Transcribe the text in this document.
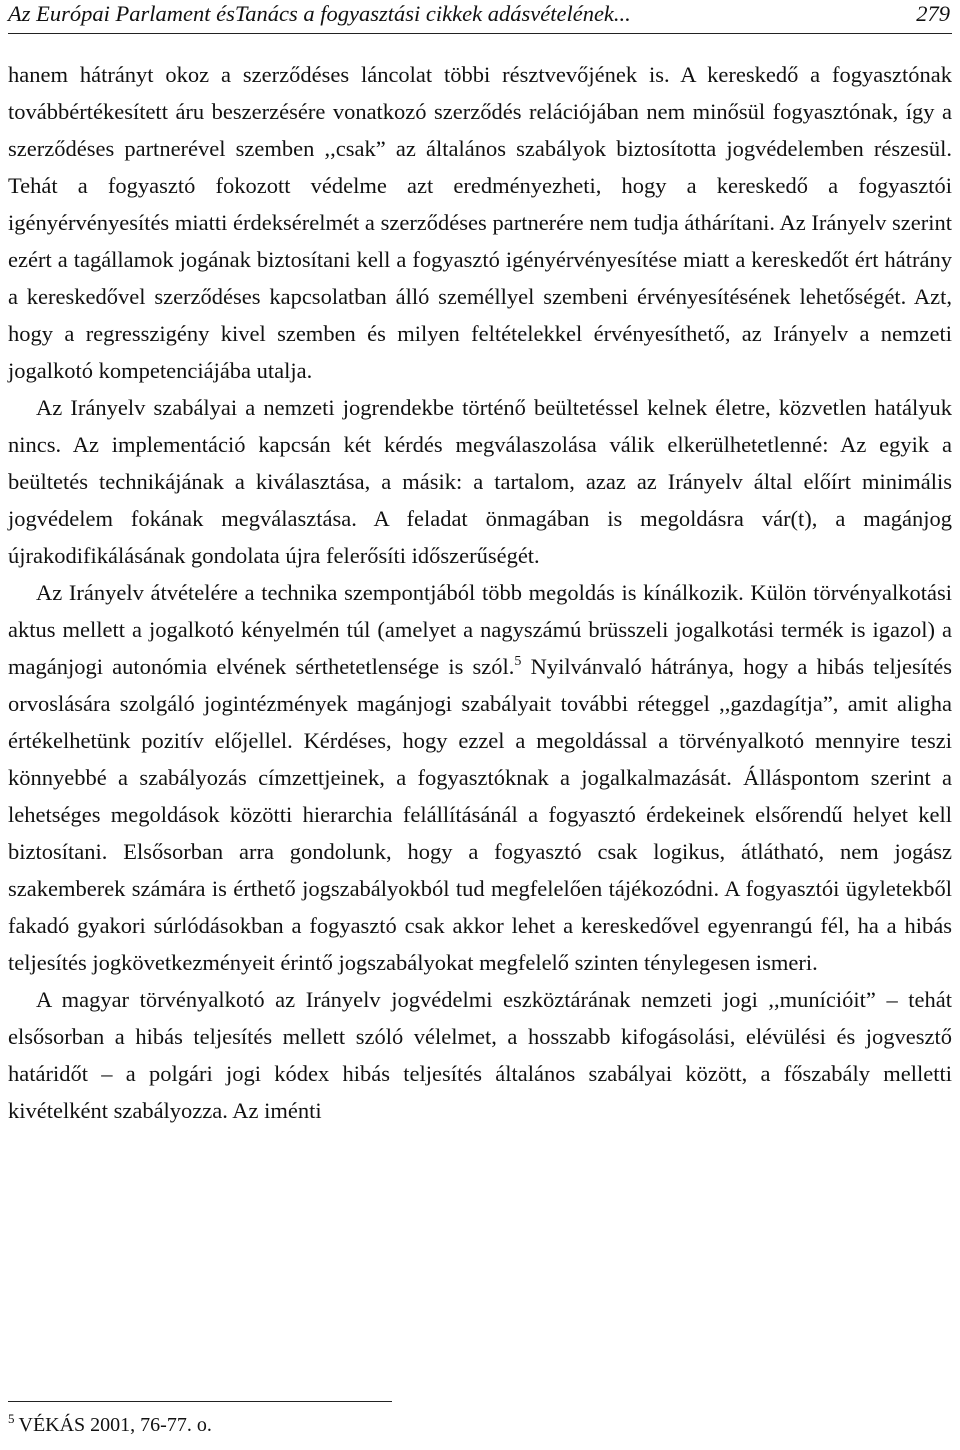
Az Európai Parlament ésTanács a fogyasztási cikkek adásvételének...	279

hanem hátrányt okoz a szerződéses láncolat többi résztvevőjének is. A kereskedő a fogyasztónak továbbértékesített áru beszerzésére vonatkozó szerződés relációjában nem minősül fogyasztónak, így a szerződéses partnerével szemben ,,csak” az általános szabályok biztosította jogvédelemben részesül. Tehát a fogyasztó fokozott védelme azt eredményezheti, hogy a kereskedő a fogyasztói igényérvényesítés miatti érdeksérelmét a szerződéses partnerére nem tudja áthárítani. Az Irányelv szerint ezért a tagállamok jogának biztosítani kell a fogyasztó igényérvényesítése miatt a kereskedőt ért hátrány a kereskedővel szerződéses kapcsolatban álló személlyel szembeni érvényesítésének lehetőségét. Azt, hogy a regresszigény kivel szemben és milyen feltételekkel érvényesíthető, az Irányelv a nemzeti jogalkotó kompetenciájába utalja.

Az Irányelv szabályai a nemzeti jogrendekbe történő beültetéssel kelnek életre, közvetlen hatályuk nincs. Az implementáció kapcsán két kérdés megválaszolása válik elkerülhetetlenné: Az egyik a beültetés technikájának a kiválasztása, a másik: a tartalom, azaz az Irányelv által előírt minimális jogvédelem fokának megválasztása. A feladat önmagában is megoldásra vár(t), a magánjog újrakodifikálásának gondolata újra felerősíti időszerűségét.

Az Irányelv átvételére a technika szempontjából több megoldás is kínálkozik. Külön törvényalkotási aktus mellett a jogalkotó kényelmén túl (amelyet a nagyszámú brüsszeli jogalkotási termék is igazol) a magánjogi autonómia elvének sérthetetlensége is szól.$^5$ Nyilvánvaló hátránya, hogy a hibás teljesítés orvoslására szolgáló jogintézmények magánjogi szabályait további réteggel ,,gazdagítja”, amit aligha értékelhetünk pozitív előjellel. Kérdéses, hogy ezzel a megoldással a törvényalkotó mennyire teszi könnyebbé a szabályozás címzettjeinek, a fogyasztóknak a jogalkalmazását. Álláspontom szerint a lehetséges megoldások közötti hierarchia felállításánál a fogyasztó érdekeinek elsőrendű helyet kell biztosítani. Elsősorban arra gondolunk, hogy a fogyasztó csak logikus, átlátható, nem jogász szakemberek számára is érthető jogszabályokból tud megfelelően tájékozódni. A fogyasztói ügyletekből fakadó gyakori súrlódásokban a fogyasztó csak akkor lehet a kereskedővel egyenrangú fél, ha a hibás teljesítés jogkövetkezményeit érintő jogszabályokat megfelelő szinten ténylegesen ismeri.

A magyar törvényalkotó az Irányelv jogvédelmi eszköztárának nemzeti jogi ,,munícióit” – tehát elsősorban a hibás teljesítés mellett szóló vélelmet, a hosszabb kifogásolási, elévülési és jogvesztő határidőt – a polgári jogi kódex hibás teljesítés általános szabályai között, a főszabály melletti kivételként szabályozza. Az iménti

$^5$ VÉKÁS 2001, 76-77. o.
